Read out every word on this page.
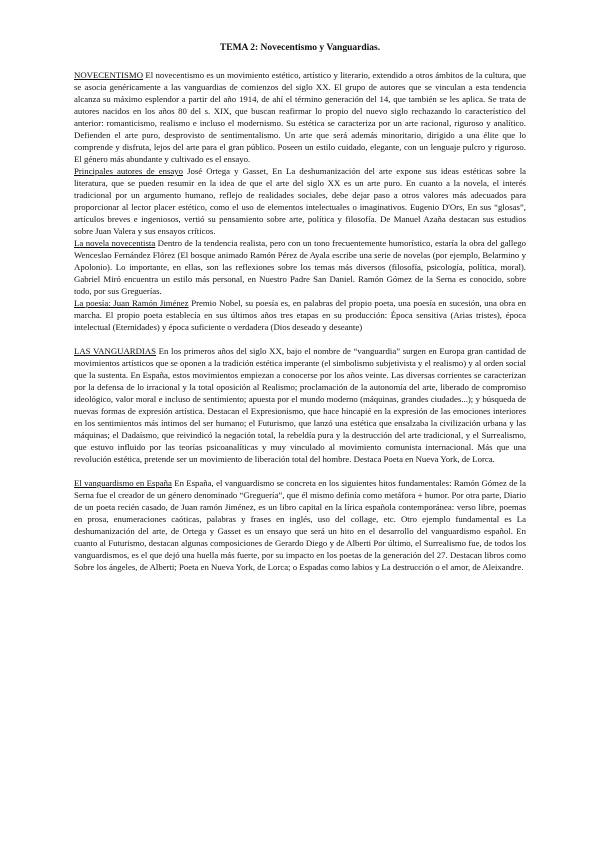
TEMA 2: Novecentismo y Vanguardias.

NOVECENTISMO El novecentismo es un movimiento estético, artístico y literario, extendido a otros ámbitos de la cultura, que se asocia genéricamente a las vanguardias de comienzos del siglo XX. El grupo de autores que se vinculan a esta tendencia alcanza su máximo esplendor a partir del año 1914, de ahí el término generación del 14, que también se les aplica. Se trata de autores nacidos en los años 80 del s. XIX, que buscan reafirmar lo propio del nuevo siglo rechazando lo característico del anterior: romanticismo, realismo e incluso el modernismo. Su estética se caracteriza por un arte racional, riguroso y analítico. Defienden el arte puro, desprovisto de sentimentalismo. Un arte que será además minoritario, dirigido a una élite que lo comprende y disfruta, lejos del arte para el gran público. Poseen un estilo cuidado, elegante, con un lenguaje pulcro y riguroso. El género más abundante y cultivado es el ensayo.

Principales autores de ensayo José Ortega y Gasset, En La deshumanización del arte expone sus ideas estéticas sobre la literatura, que se pueden resumir en la idea de que el arte del siglo XX es un arte puro. En cuanto a la novela, el interés tradicional por un argumento humano, reflejo de realidades sociales, debe dejar paso a otros valores más adecuados para proporcionar al lector placer estético, como el uso de elementos intelectuales o imaginativos. Eugenio D'Ors, En sus “glosas”, artículos breves e ingeniosos, vertió su pensamiento sobre arte, política y filosofía. De Manuel Azaña destacan sus estudios sobre Juan Valera y sus ensayos críticos.

La novela novecentista Dentro de la tendencia realista, pero con un tono frecuentemente humorístico, estaría la obra del gallego Wenceslao Fernández Flórez (El bosque animado Ramón Pérez de Ayala escribe una serie de novelas (por ejemplo, Belarmino y Apolonio). Lo importante, en ellas, son las reflexiones sobre los temas más diversos (filosofía, psicología, política, moral). Gabriel Miró encuentra un estilo más personal, en Nuestro Padre San Daniel. Ramón Gómez de la Serna es conocido, sobre todo, por sus Greguerías.

La poesía: Juan Ramón Jiménez Premio Nobel, su poesía es, en palabras del propio poeta, una poesía en sucesión, una obra en marcha. El propio poeta establecía en sus últimos años tres etapas en su producción: Época sensitiva (Arias tristes), época intelectual (Eternidades) y época suficiente o verdadera (Dios deseado y deseante)

LAS VANGUARDIAS En los primeros años del siglo XX, bajo el nombre de “vanguardia” surgen en Europa gran cantidad de movimientos artísticos que se oponen a la tradición estética imperante (el simbolismo subjetivista y el realismo) y al orden social que la sustenta. En España, estos movimientos empiezan a conocerse por los años veinte. Las diversas corrientes se caracterizan por la defensa de lo irracional y la total oposición al Realismo; proclamación de la autonomía del arte, liberado de compromiso ideológico, valor moral e incluso de sentimiento; apuesta por el mundo moderno (máquinas, grandes ciudades...); y búsqueda de nuevas formas de expresión artística. Destacan el Expresionismo, que hace hincapié en la expresión de las emociones interiores en los sentimientos más íntimos del ser humano; el Futurismo, que lanzó una estética que ensalzaba la civilización urbana y las máquinas; el Dadaísmo, que reivindicó la negación total, la rebeldía pura y la destrucción del arte tradicional, y el Surrealismo, que estuvo influido por las teorías psicoanalíticas y muy vinculado al movimiento comunista internacional. Más que una revolución estética, pretende ser un movimiento de liberación total del hombre. Destaca Poeta en Nueva York, de Lorca.

El vanguardismo en España En España, el vanguardismo se concreta en los siguientes hitos fundamentales: Ramón Gómez de la Serna fue el creador de un género denominado “Greguería”, que él mismo definía como metáfora + humor. Por otra parte, Diario de un poeta recién casado, de Juan ramón Jiménez, es un libro capital en la lírica española contemporánea: verso libre, poemas en prosa, enumeraciones caóticas, palabras y frases en inglés, uso del collage, etc. Otro ejemplo fundamental es La deshumanización del arte, de Ortega y Gasset es un ensayo que será un hito en el desarrollo del vanguardismo español. En cuanto al Futurismo, destacan algunas composiciones de Gerardo Diego y de Alberti Por último, el Surrealismo fue, de todos los vanguardismos, es el que dejó una huella más fuerte, por su impacto en los poetas de la generación del 27. Destacan libros como Sobre los ángeles, de Alberti; Poeta en Nueva York, de Lorca; o Espadas como labios y La destrucción o el amor, de Aleixandre.
